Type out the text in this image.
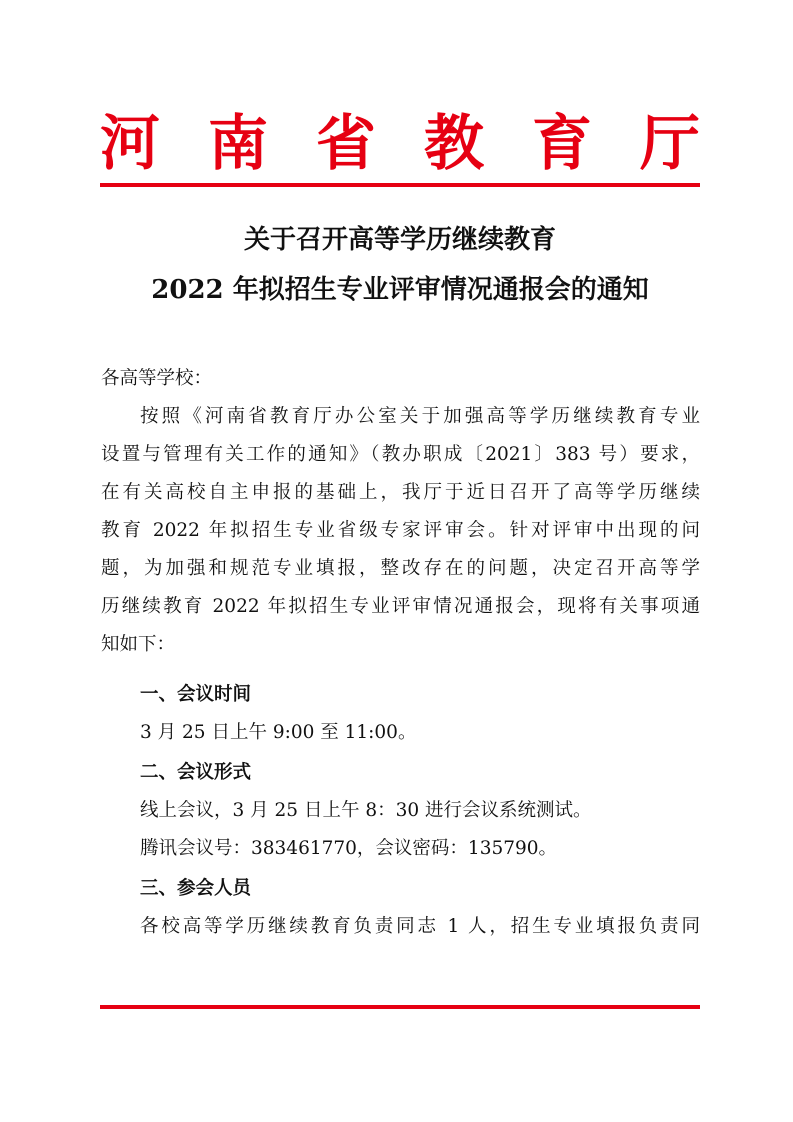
河 南 省 教 育 厅
关于召开高等学历继续教育
2022 年拟招生专业评审情况通报会的通知
各高等学校：
按照《河南省教育厅办公室关于加强高等学历继续教育专业
设置与管理有关工作的通知》（教办职成〔2021〕383 号）要求，
在有关高校自主申报的基础上，我厅于近日召开了高等学历继续
教育 2022 年拟招生专业省级专家评审会。针对评审中出现的问
题，为加强和规范专业填报，整改存在的问题，决定召开高等学
历继续教育 2022 年拟招生专业评审情况通报会，现将有关事项通
知如下：
一、会议时间
3 月 25 日上午 9:00 至 11:00。
二、会议形式
线上会议，3 月 25 日上午 8：30 进行会议系统测试。
腾讯会议号：383461770，会议密码：135790。
三、参会人员
各校高等学历继续教育负责同志 1 人，招生专业填报负责同
